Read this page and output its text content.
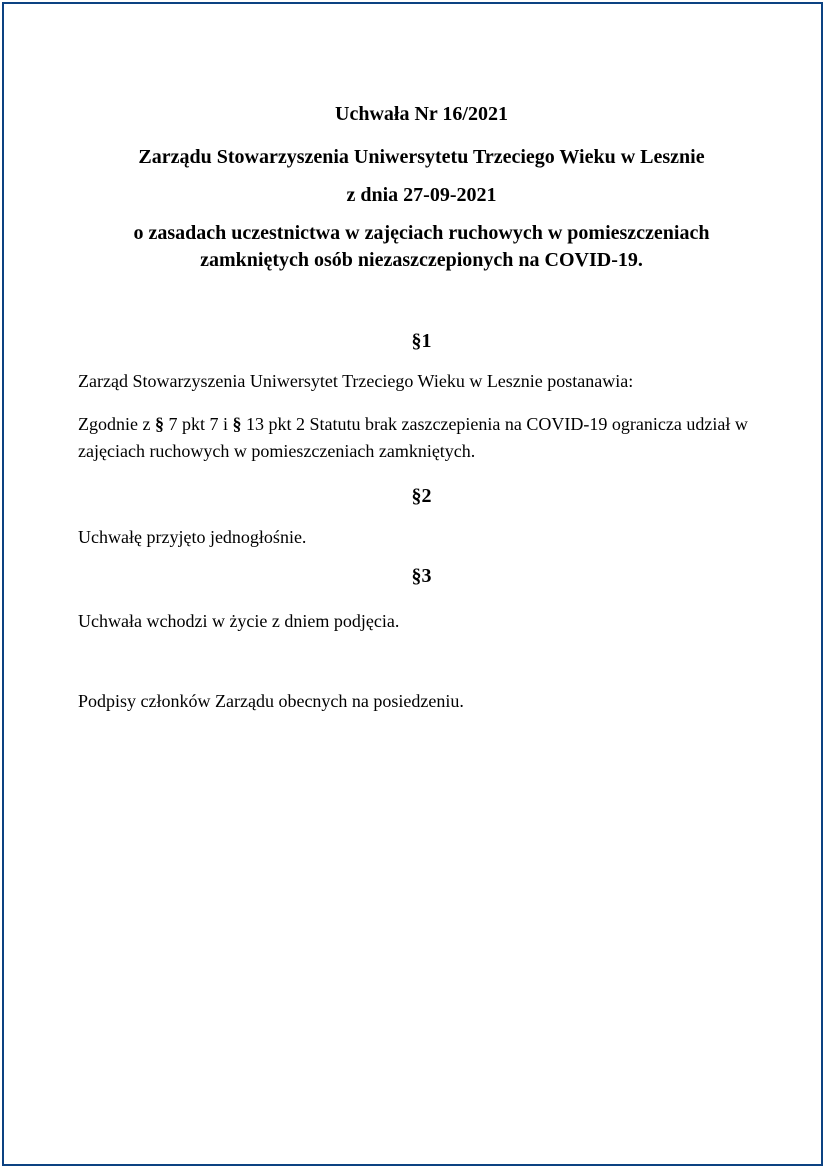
Uchwała Nr 16/2021

Zarządu Stowarzyszenia Uniwersytetu Trzeciego Wieku w Lesznie

z dnia 27-09-2021

o zasadach uczestnictwa w zajęciach ruchowych w pomieszczeniach zamkniętych osób niezaszczepionych na COVID-19.

§1

Zarząd Stowarzyszenia Uniwersytet Trzeciego Wieku w Lesznie postanawia:

Zgodnie z § 7 pkt 7 i § 13 pkt 2 Statutu brak zaszczepienia na COVID-19 ogranicza udział w zajęciach ruchowych w pomieszczeniach zamkniętych.

§2

Uchwałę przyjęto jednogłośnie.

§3

Uchwała wchodzi w życie z dniem podjęcia.

Podpisy członków Zarządu obecnych na posiedzeniu.
